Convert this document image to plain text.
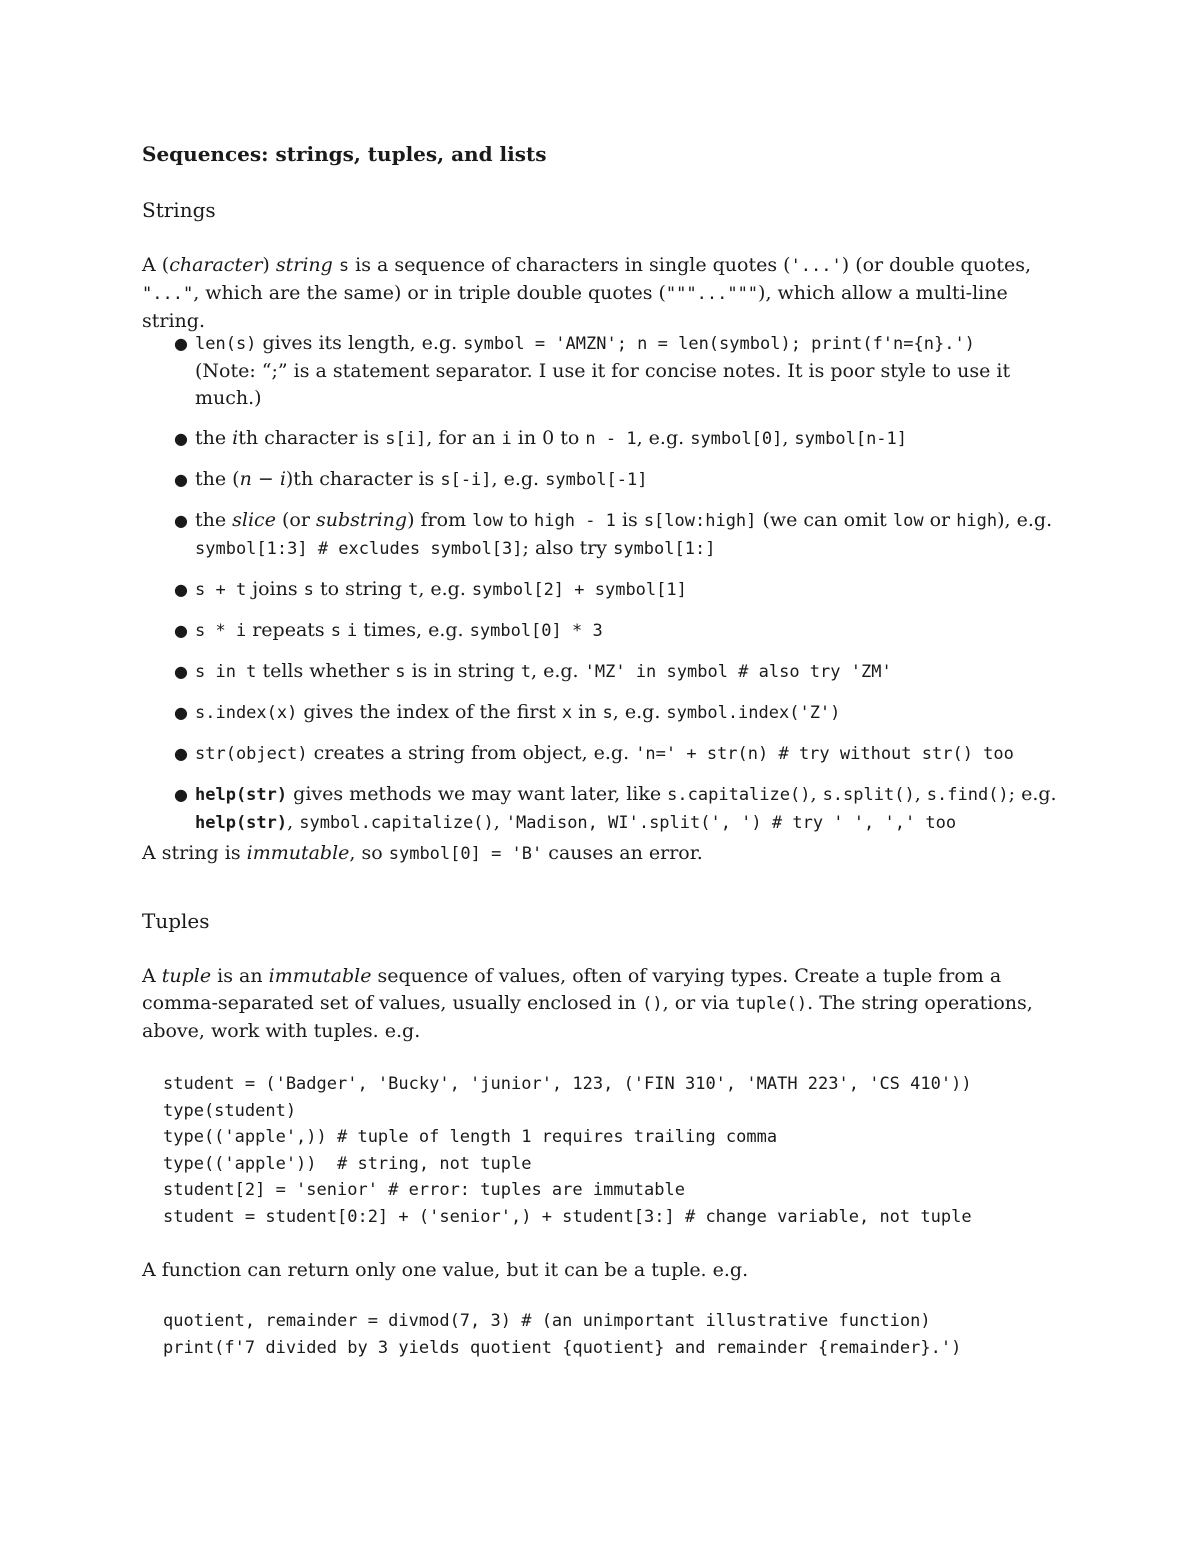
Sequences: strings, tuples, and lists
Strings
A (character) string s is a sequence of characters in single quotes ('...') (or double quotes, "...", which are the same) or in triple double quotes ("""..."""), which allow a multi-line string.
● len(s) gives its length, e.g. symbol = 'AMZN'; n = len(symbol); print(f'n={n}.')
(Note: “;” is a statement separator. I use it for concise notes. It is poor style to use it much.)
● the ith character is s[i], for an i in 0 to n - 1, e.g. symbol[0], symbol[n-1]
● the (n − i)th character is s[-i], e.g. symbol[-1]
● the slice (or substring) from low to high - 1 is s[low:high] (we can omit low or high), e.g. symbol[1:3] # excludes symbol[3]; also try symbol[1:]
● s + t joins s to string t, e.g. symbol[2] + symbol[1]
● s * i repeats s i times, e.g. symbol[0] * 3
● s in t tells whether s is in string t, e.g. 'MZ' in symbol # also try 'ZM'
● s.index(x) gives the index of the first x in s, e.g. symbol.index('Z')
● str(object) creates a string from object, e.g. 'n=' + str(n) # try without str() too
● help(str) gives methods we may want later, like s.capitalize(), s.split(), s.find(); e.g. help(str), symbol.capitalize(), 'Madison, WI'.split(', ') # try ' ', ',' too
A string is immutable, so symbol[0] = 'B' causes an error.
Tuples
A tuple is an immutable sequence of values, often of varying types. Create a tuple from a comma-separated set of values, usually enclosed in (), or via tuple(). The string operations, above, work with tuples. e.g.
student = ('Badger', 'Bucky', 'junior', 123, ('FIN 310', 'MATH 223', 'CS 410'))
type(student)
type(('apple',)) # tuple of length 1 requires trailing comma
type(('apple'))  # string, not tuple
student[2] = 'senior' # error: tuples are immutable
student = student[0:2] + ('senior',) + student[3:] # change variable, not tuple
A function can return only one value, but it can be a tuple. e.g.
quotient, remainder = divmod(7, 3) # (an unimportant illustrative function)
print(f'7 divided by 3 yields quotient {quotient} and remainder {remainder}.')
